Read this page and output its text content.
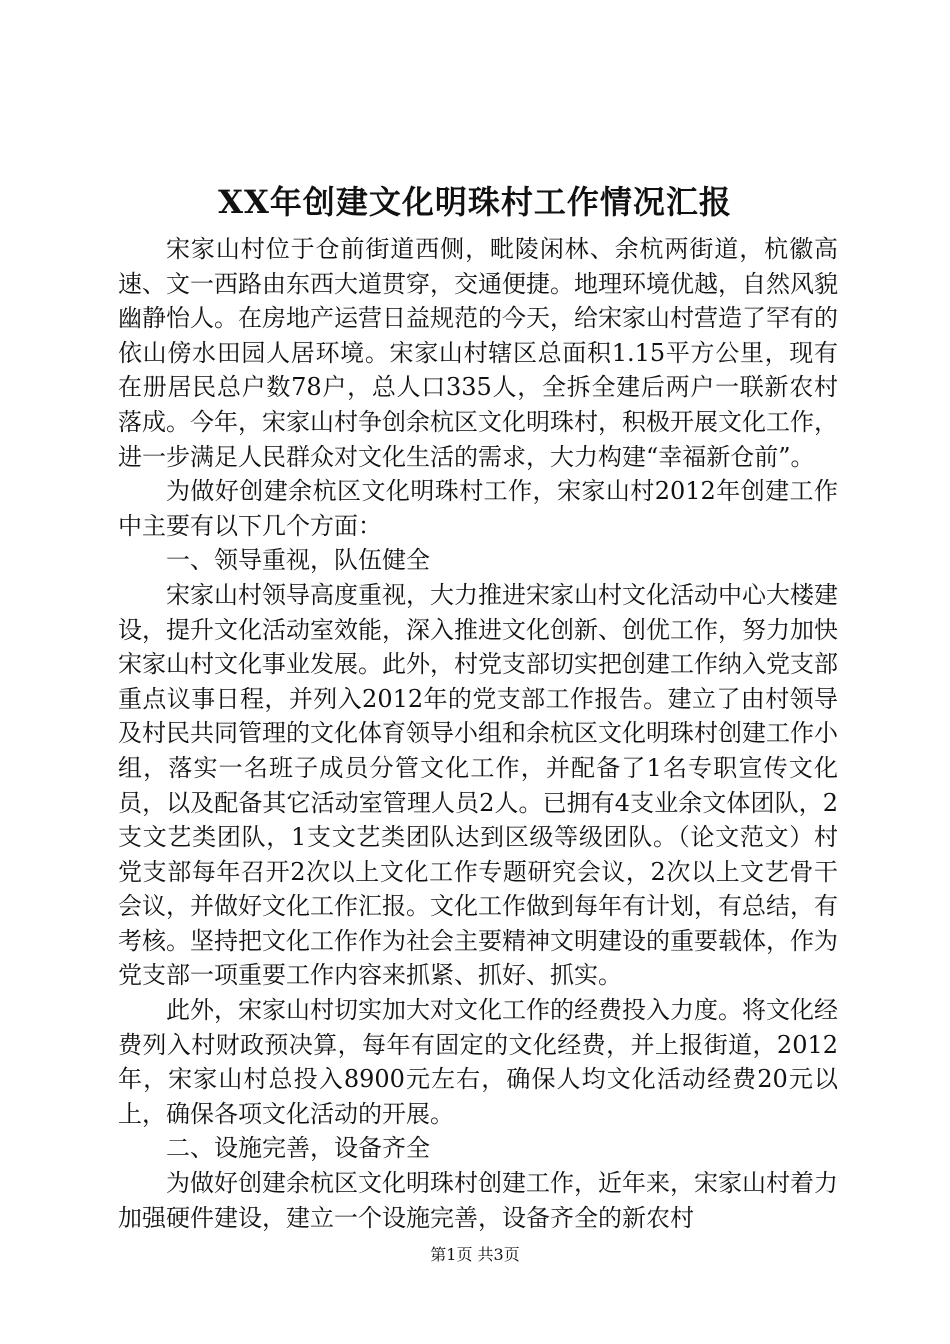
XX年创建文化明珠村工作情况汇报

宋家山村位于仓前街道西侧，毗陵闲林、余杭两街道，杭徽高速、文一西路由东西大道贯穿，交通便捷。地理环境优越，自然风貌幽静怡人。在房地产运营日益规范的今天，给宋家山村营造了罕有的依山傍水田园人居环境。宋家山村辖区总面积1.15平方公里，现有在册居民总户数78户，总人口335人，全拆全建后两户一联新农村落成。今年，宋家山村争创余杭区文化明珠村，积极开展文化工作，进一步满足人民群众对文化生活的需求，大力构建“幸福新仓前”。

为做好创建余杭区文化明珠村工作，宋家山村2012年创建工作中主要有以下几个方面：

一、领导重视，队伍健全

宋家山村领导高度重视，大力推进宋家山村文化活动中心大楼建设，提升文化活动室效能，深入推进文化创新、创优工作，努力加快宋家山村文化事业发展。此外，村党支部切实把创建工作纳入党支部重点议事日程，并列入2012年的党支部工作报告。建立了由村领导及村民共同管理的文化体育领导小组和余杭区文化明珠村创建工作小组，落实一名班子成员分管文化工作，并配备了1名专职宣传文化员，以及配备其它活动室管理人员2人。已拥有4支业余文体团队，2支文艺类团队，1支文艺类团队达到区级等级团队。（论文范文）村党支部每年召开2次以上文化工作专题研究会议，2次以上文艺骨干会议，并做好文化工作汇报。文化工作做到每年有计划，有总结，有考核。坚持把文化工作作为社会主要精神文明建设的重要载体，作为党支部一项重要工作内容来抓紧、抓好、抓实。

此外，宋家山村切实加大对文化工作的经费投入力度。将文化经费列入村财政预决算，每年有固定的文化经费，并上报街道，2012年，宋家山村总投入8900元左右，确保人均文化活动经费20元以上，确保各项文化活动的开展。

二、设施完善，设备齐全

为做好创建余杭区文化明珠村创建工作，近年来，宋家山村着力加强硬件建设，建立一个设施完善，设备齐全的新农村

第1页 共3页
